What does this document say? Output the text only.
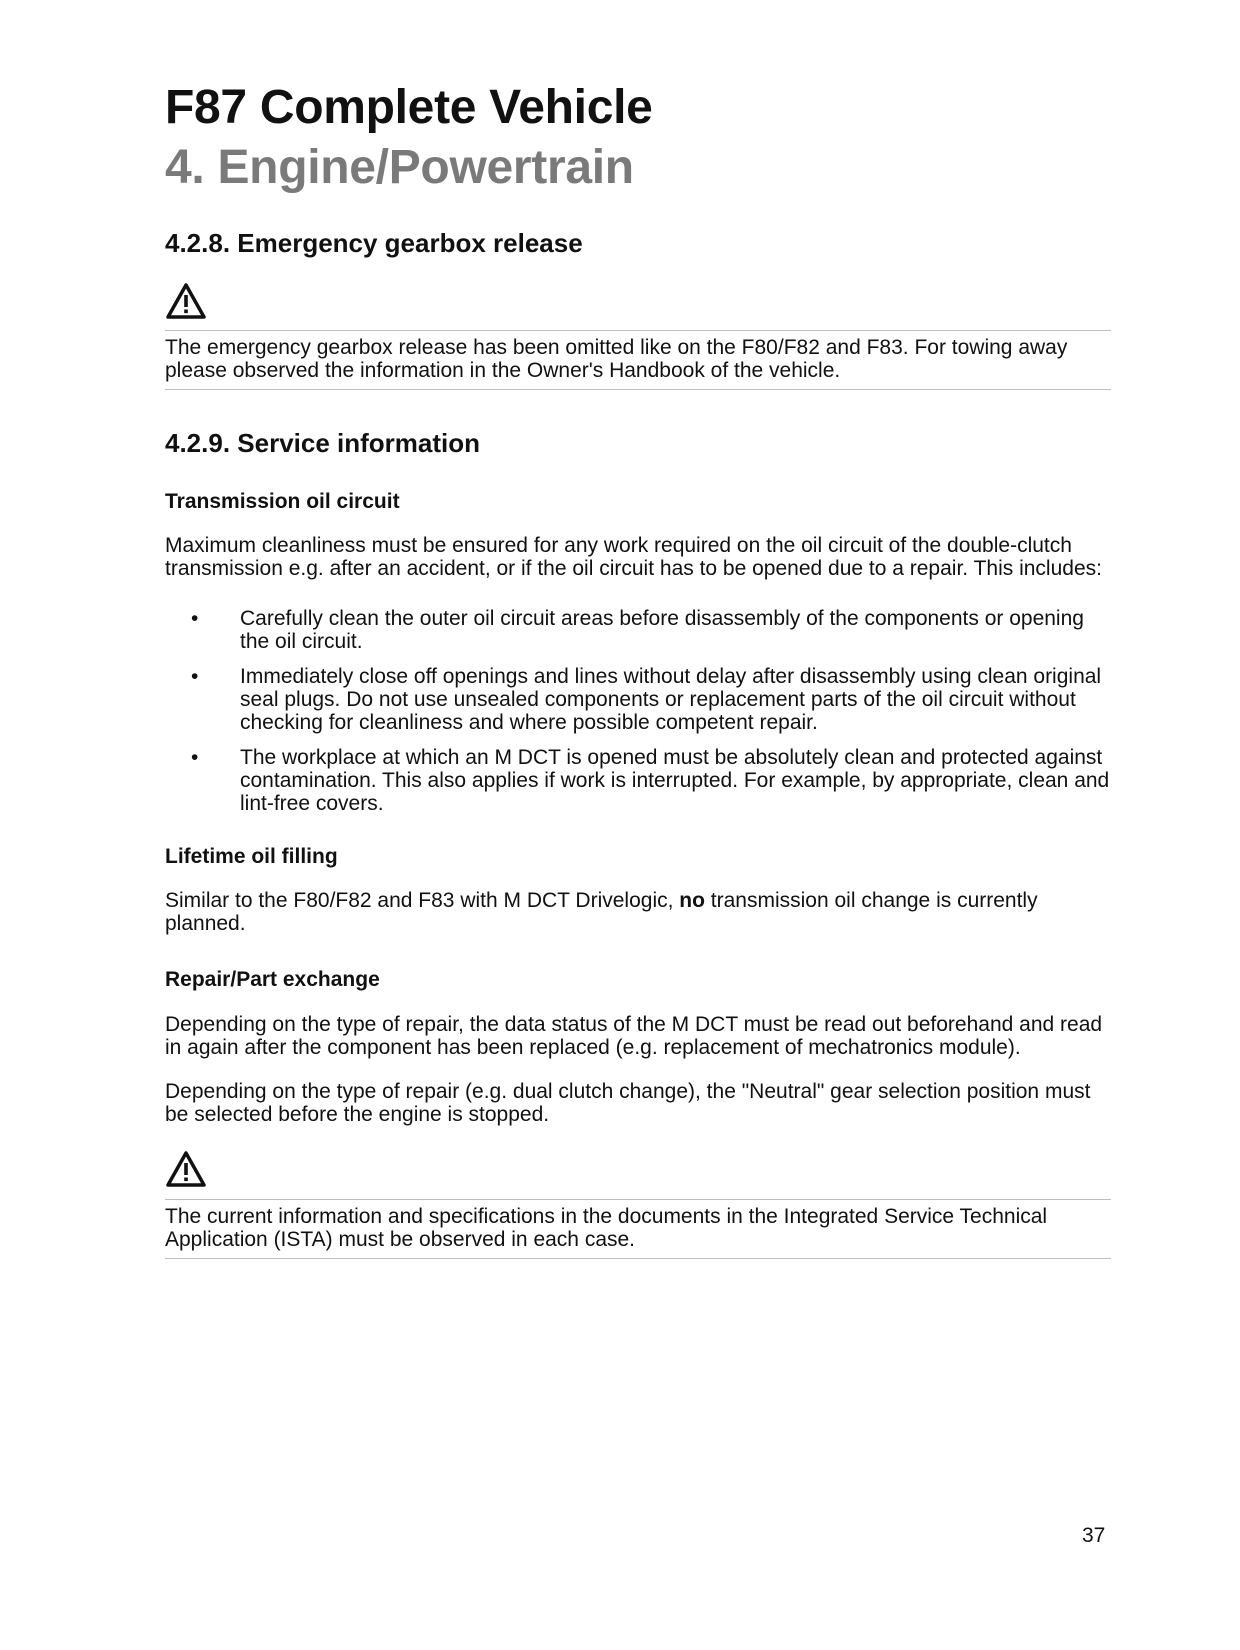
F87 Complete Vehicle
4. Engine/Powertrain
4.2.8. Emergency gearbox release

The emergency gearbox release has been omitted like on the F80/F82 and F83. For towing away please observed the information in the Owner's Handbook of the vehicle.

4.2.9. Service information
Transmission oil circuit

Maximum cleanliness must be ensured for any work required on the oil circuit of the double-clutch transmission e.g. after an accident, or if the oil circuit has to be opened due to a repair. This includes:

• Carefully clean the outer oil circuit areas before disassembly of the components or opening the oil circuit.
• Immediately close off openings and lines without delay after disassembly using clean original seal plugs. Do not use unsealed components or replacement parts of the oil circuit without checking for cleanliness and where possible competent repair.
• The workplace at which an M DCT is opened must be absolutely clean and protected against contamination. This also applies if work is interrupted. For example, by appropriate, clean and lint-free covers.
Lifetime oil filling

Similar to the F80/F82 and F83 with M DCT Drivelogic, no transmission oil change is currently planned.

Repair/Part exchange

Depending on the type of repair, the data status of the M DCT must be read out beforehand and read in again after the component has been replaced (e.g. replacement of mechatronics module).

Depending on the type of repair (e.g. dual clutch change), the "Neutral" gear selection position must be selected before the engine is stopped.

The current information and specifications in the documents in the Integrated Service Technical Application (ISTA) must be observed in each case.

37
